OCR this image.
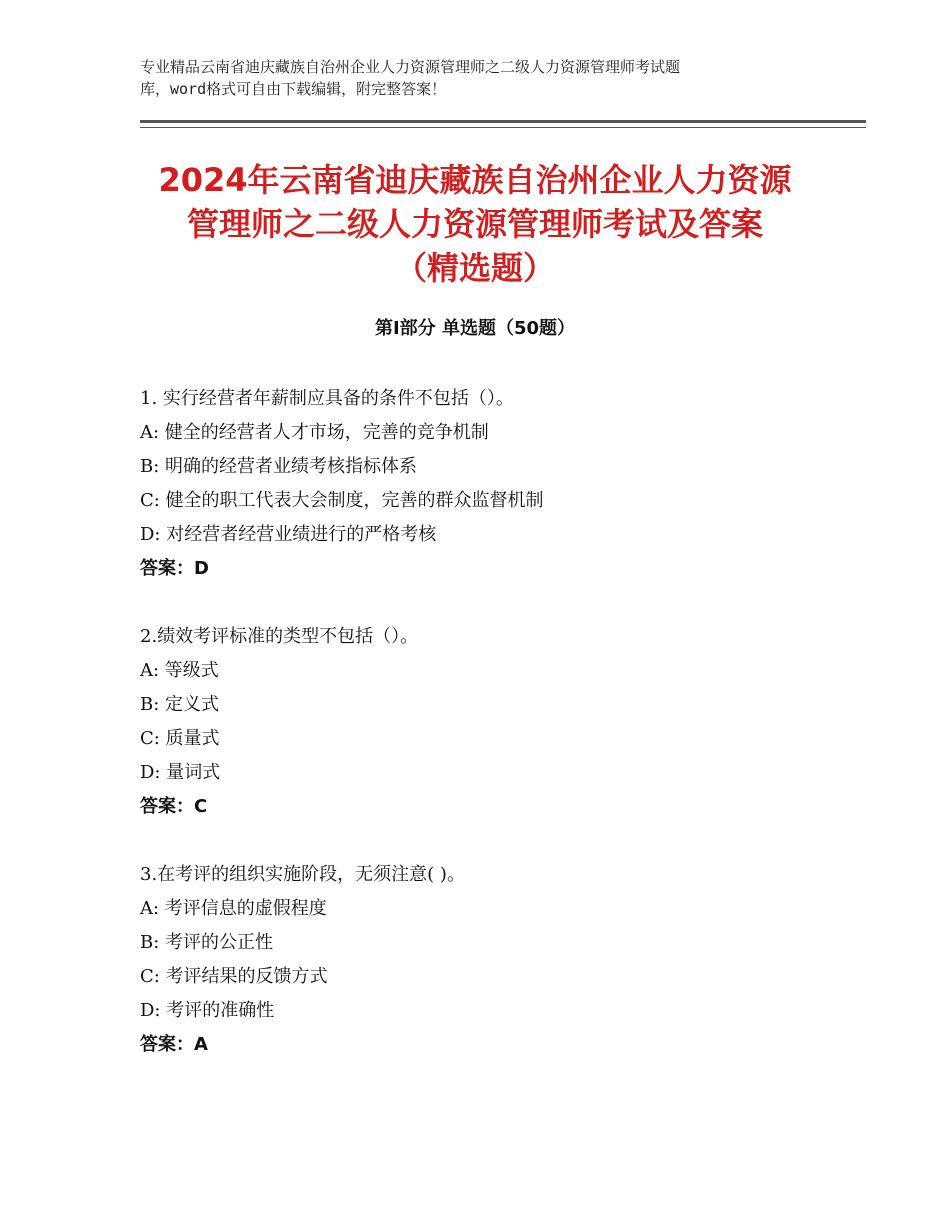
专业精品云南省迪庆藏族自治州企业人力资源管理师之二级人力资源管理师考试题
库，word格式可自由下载编辑，附完整答案！
2024年云南省迪庆藏族自治州企业人力资源
管理师之二级人力资源管理师考试及答案
（精选题）
第Ⅰ部分 单选题（50题）
1. 实行经营者年薪制应具备的条件不包括（）。
A: 健全的经营者人才市场，完善的竞争机制
B: 明确的经营者业绩考核指标体系
C: 健全的职工代表大会制度，完善的群众监督机制
D: 对经营者经营业绩进行的严格考核
答案：D
2.绩效考评标准的类型不包括（）。
A: 等级式
B: 定义式
C: 质量式
D: 量词式
答案：C
3.在考评的组织实施阶段，无须注意( )。
A: 考评信息的虚假程度
B: 考评的公正性
C: 考评结果的反馈方式
D: 考评的准确性
答案：A
